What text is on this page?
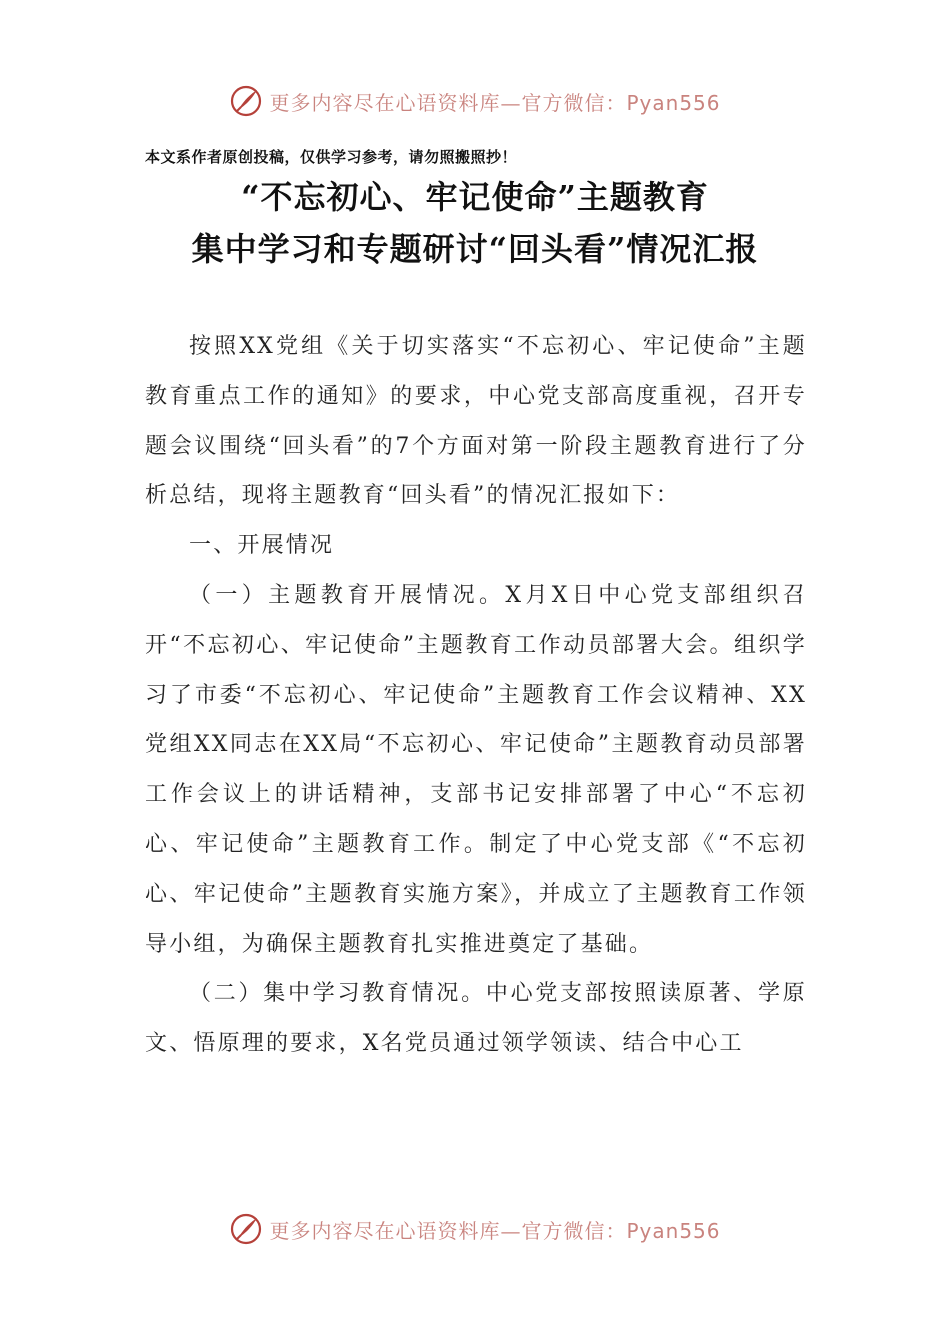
更多内容尽在心语资料库—官方微信：Pyan556
本文系作者原创投稿，仅供学习参考，请勿照搬照抄！
“不忘初心、牢记使命”主题教育
集中学习和专题研讨“回头看”情况汇报

按照XX党组《关于切实落实“不忘初心、牢记使命”主题教育重点工作的通知》的要求，中心党支部高度重视，召开专题会议围绕“回头看”的7个方面对第一阶段主题教育进行了分析总结，现将主题教育“回头看”的情况汇报如下：

一、开展情况

（一）主题教育开展情况。X月X日中心党支部组织召开“不忘初心、牢记使命”主题教育工作动员部署大会。组织学习了市委“不忘初心、牢记使命”主题教育工作会议精神、XX党组XX同志在XX局“不忘初心、牢记使命”主题教育动员部署工作会议上的讲话精神，支部书记安排部署了中心“不忘初心、牢记使命”主题教育工作。制定了中心党支部《“不忘初心、牢记使命”主题教育实施方案》，并成立了主题教育工作领导小组，为确保主题教育扎实推进奠定了基础。

（二）集中学习教育情况。中心党支部按照读原著、学原文、悟原理的要求，X名党员通过领学领读、结合中心工

更多内容尽在心语资料库—官方微信：Pyan556
